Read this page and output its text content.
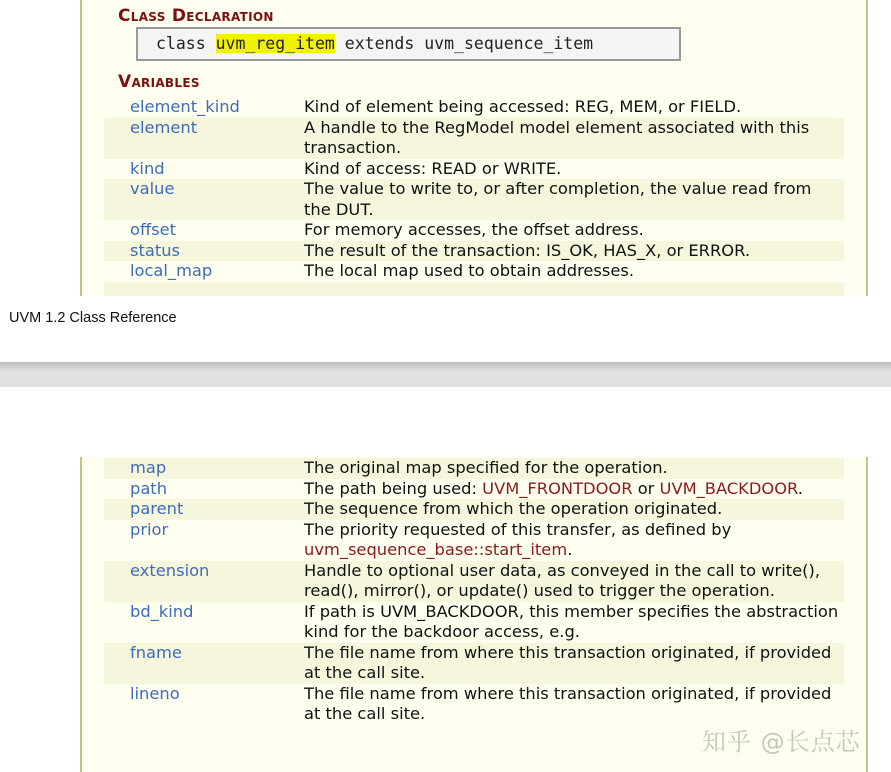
Class Declaration
class uvm_reg_item extends uvm_sequence_item
Variables
element_kind	Kind of element being accessed: REG, MEM, or FIELD.
element	A handle to the RegModel model element associated with this transaction.
kind	Kind of access: READ or WRITE.
value	The value to write to, or after completion, the value read from the DUT.
offset	For memory accesses, the offset address.
status	The result of the transaction: IS_OK, HAS_X, or ERROR.
local_map	The local map used to obtain addresses.
UVM 1.2 Class Reference
map	The original map specified for the operation.
path	The path being used: UVM_FRONTDOOR or UVM_BACKDOOR.
parent	The sequence from which the operation originated.
prior	The priority requested of this transfer, as defined by uvm_sequence_base::start_item.
extension	Handle to optional user data, as conveyed in the call to write(), read(), mirror(), or update() used to trigger the operation.
bd_kind	If path is UVM_BACKDOOR, this member specifies the abstraction kind for the backdoor access, e.g.
fname	The file name from where this transaction originated, if provided at the call site.
lineno	The file name from where this transaction originated, if provided at the call site.
知乎 @长点芯
